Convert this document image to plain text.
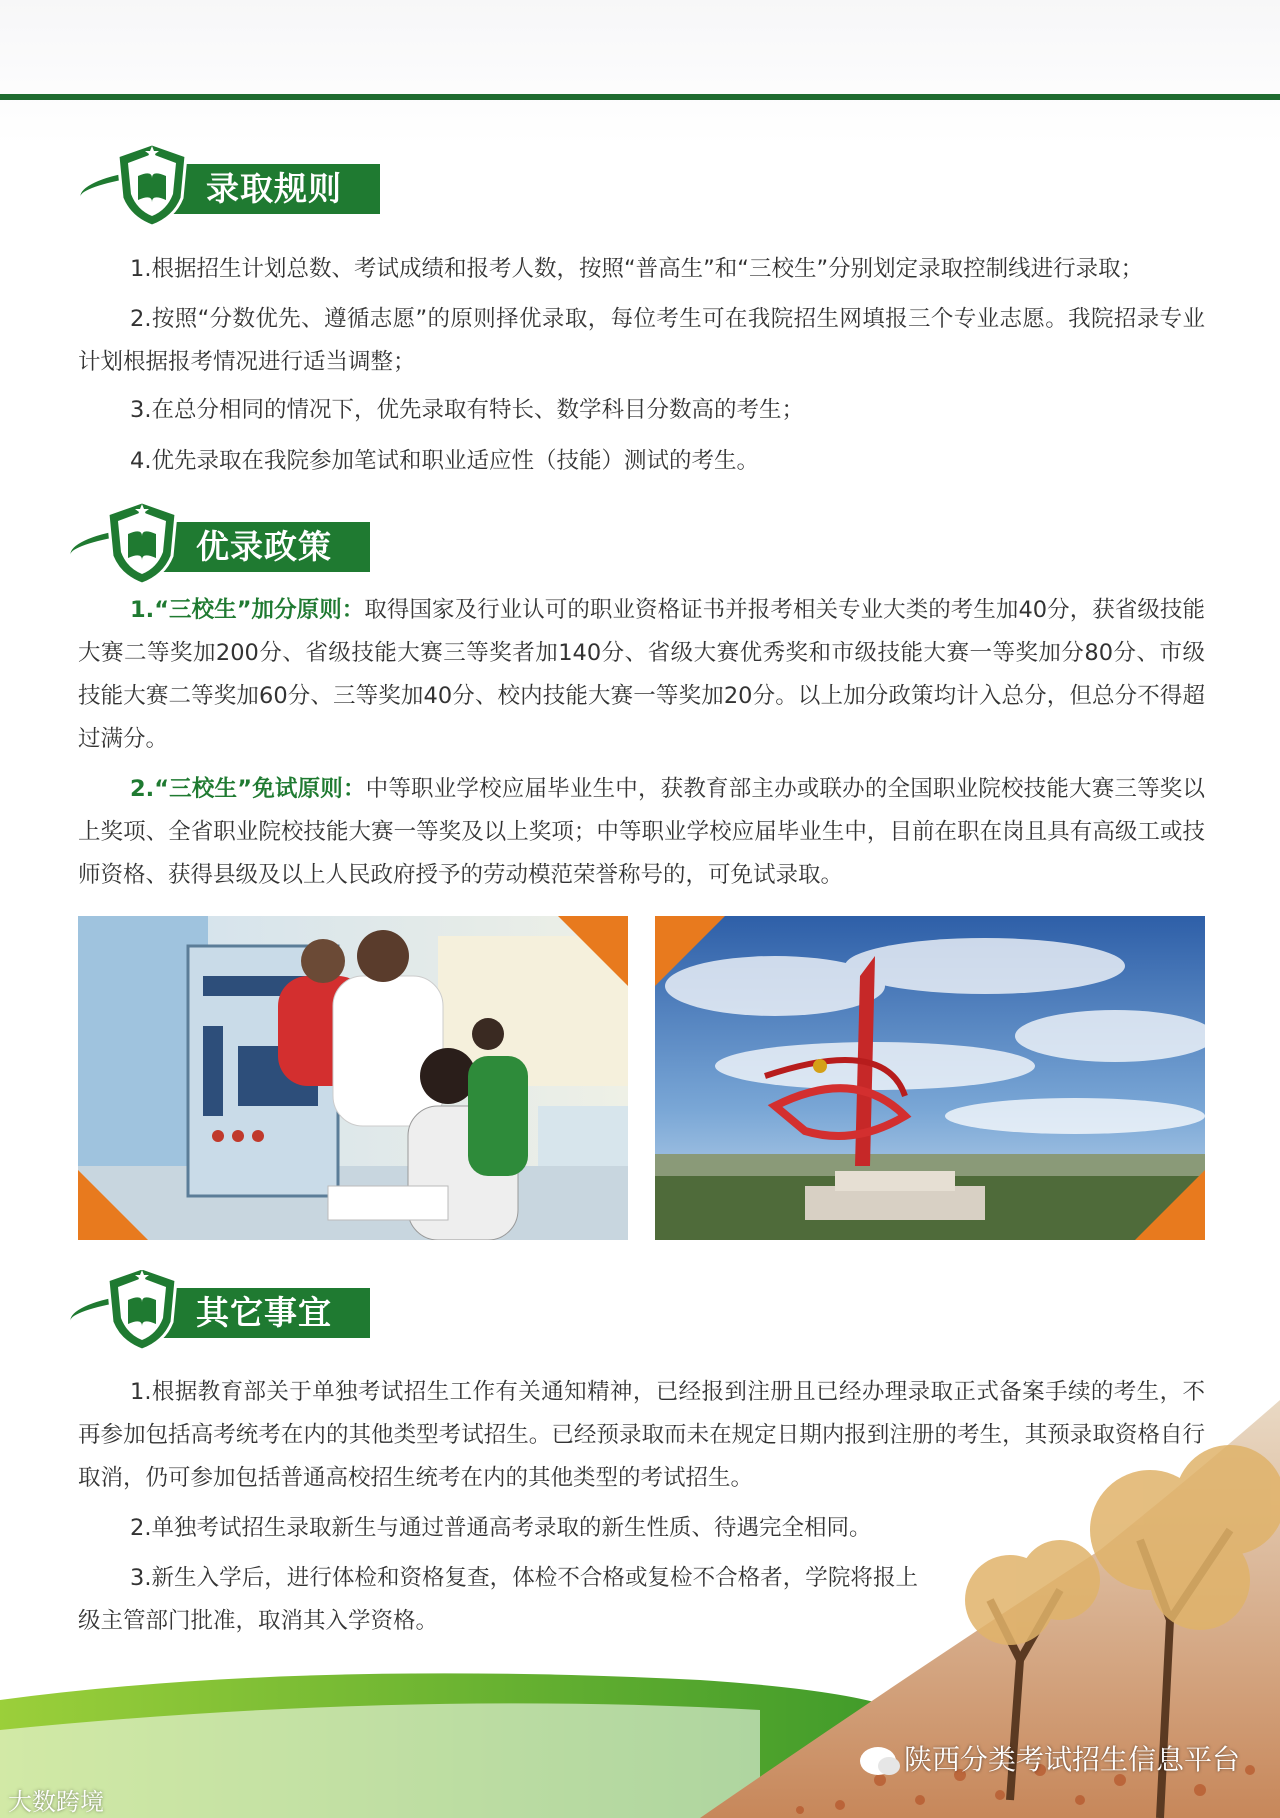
录取规则

1.根据招生计划总数、考试成绩和报考人数，按照“普高生”和“三校生”分别划定录取控制线进行录取；

2.按照“分数优先、遵循志愿”的原则择优录取，每位考生可在我院招生网填报三个专业志愿。我院招录专业计划根据报考情况进行适当调整；

3.在总分相同的情况下，优先录取有特长、数学科目分数高的考生；

4.优先录取在我院参加笔试和职业适应性（技能）测试的考生。

优录政策

1.“三校生”加分原则：取得国家及行业认可的职业资格证书并报考相关专业大类的考生加40分，获省级技能大赛二等奖加200分、省级技能大赛三等奖者加140分、省级大赛优秀奖和市级技能大赛一等奖加分80分、市级技能大赛二等奖加60分、三等奖加40分、校内技能大赛一等奖加20分。以上加分政策均计入总分，但总分不得超过满分。

2.“三校生”免试原则：中等职业学校应届毕业生中，获教育部主办或联办的全国职业院校技能大赛三等奖以上奖项、全省职业院校技能大赛一等奖及以上奖项；中等职业学校应届毕业生中，目前在职在岗且具有高级工或技师资格、获得县级及以上人民政府授予的劳动模范荣誉称号的，可免试录取。

其它事宜

1.根据教育部关于单独考试招生工作有关通知精神，已经报到注册且已经办理录取正式备案手续的考生，不再参加包括高考统考在内的其他类型考试招生。已经预录取而未在规定日期内报到注册的考生，其预录取资格自行取消，仍可参加包括普通高校招生统考在内的其他类型的考试招生。

2.单独考试招生录取新生与通过普通高考录取的新生性质、待遇完全相同。

3.新生入学后，进行体检和资格复查，体检不合格或复检不合格者，学院将报上级主管部门批准，取消其入学资格。

陕西分类考试招生信息平台
大数跨境
